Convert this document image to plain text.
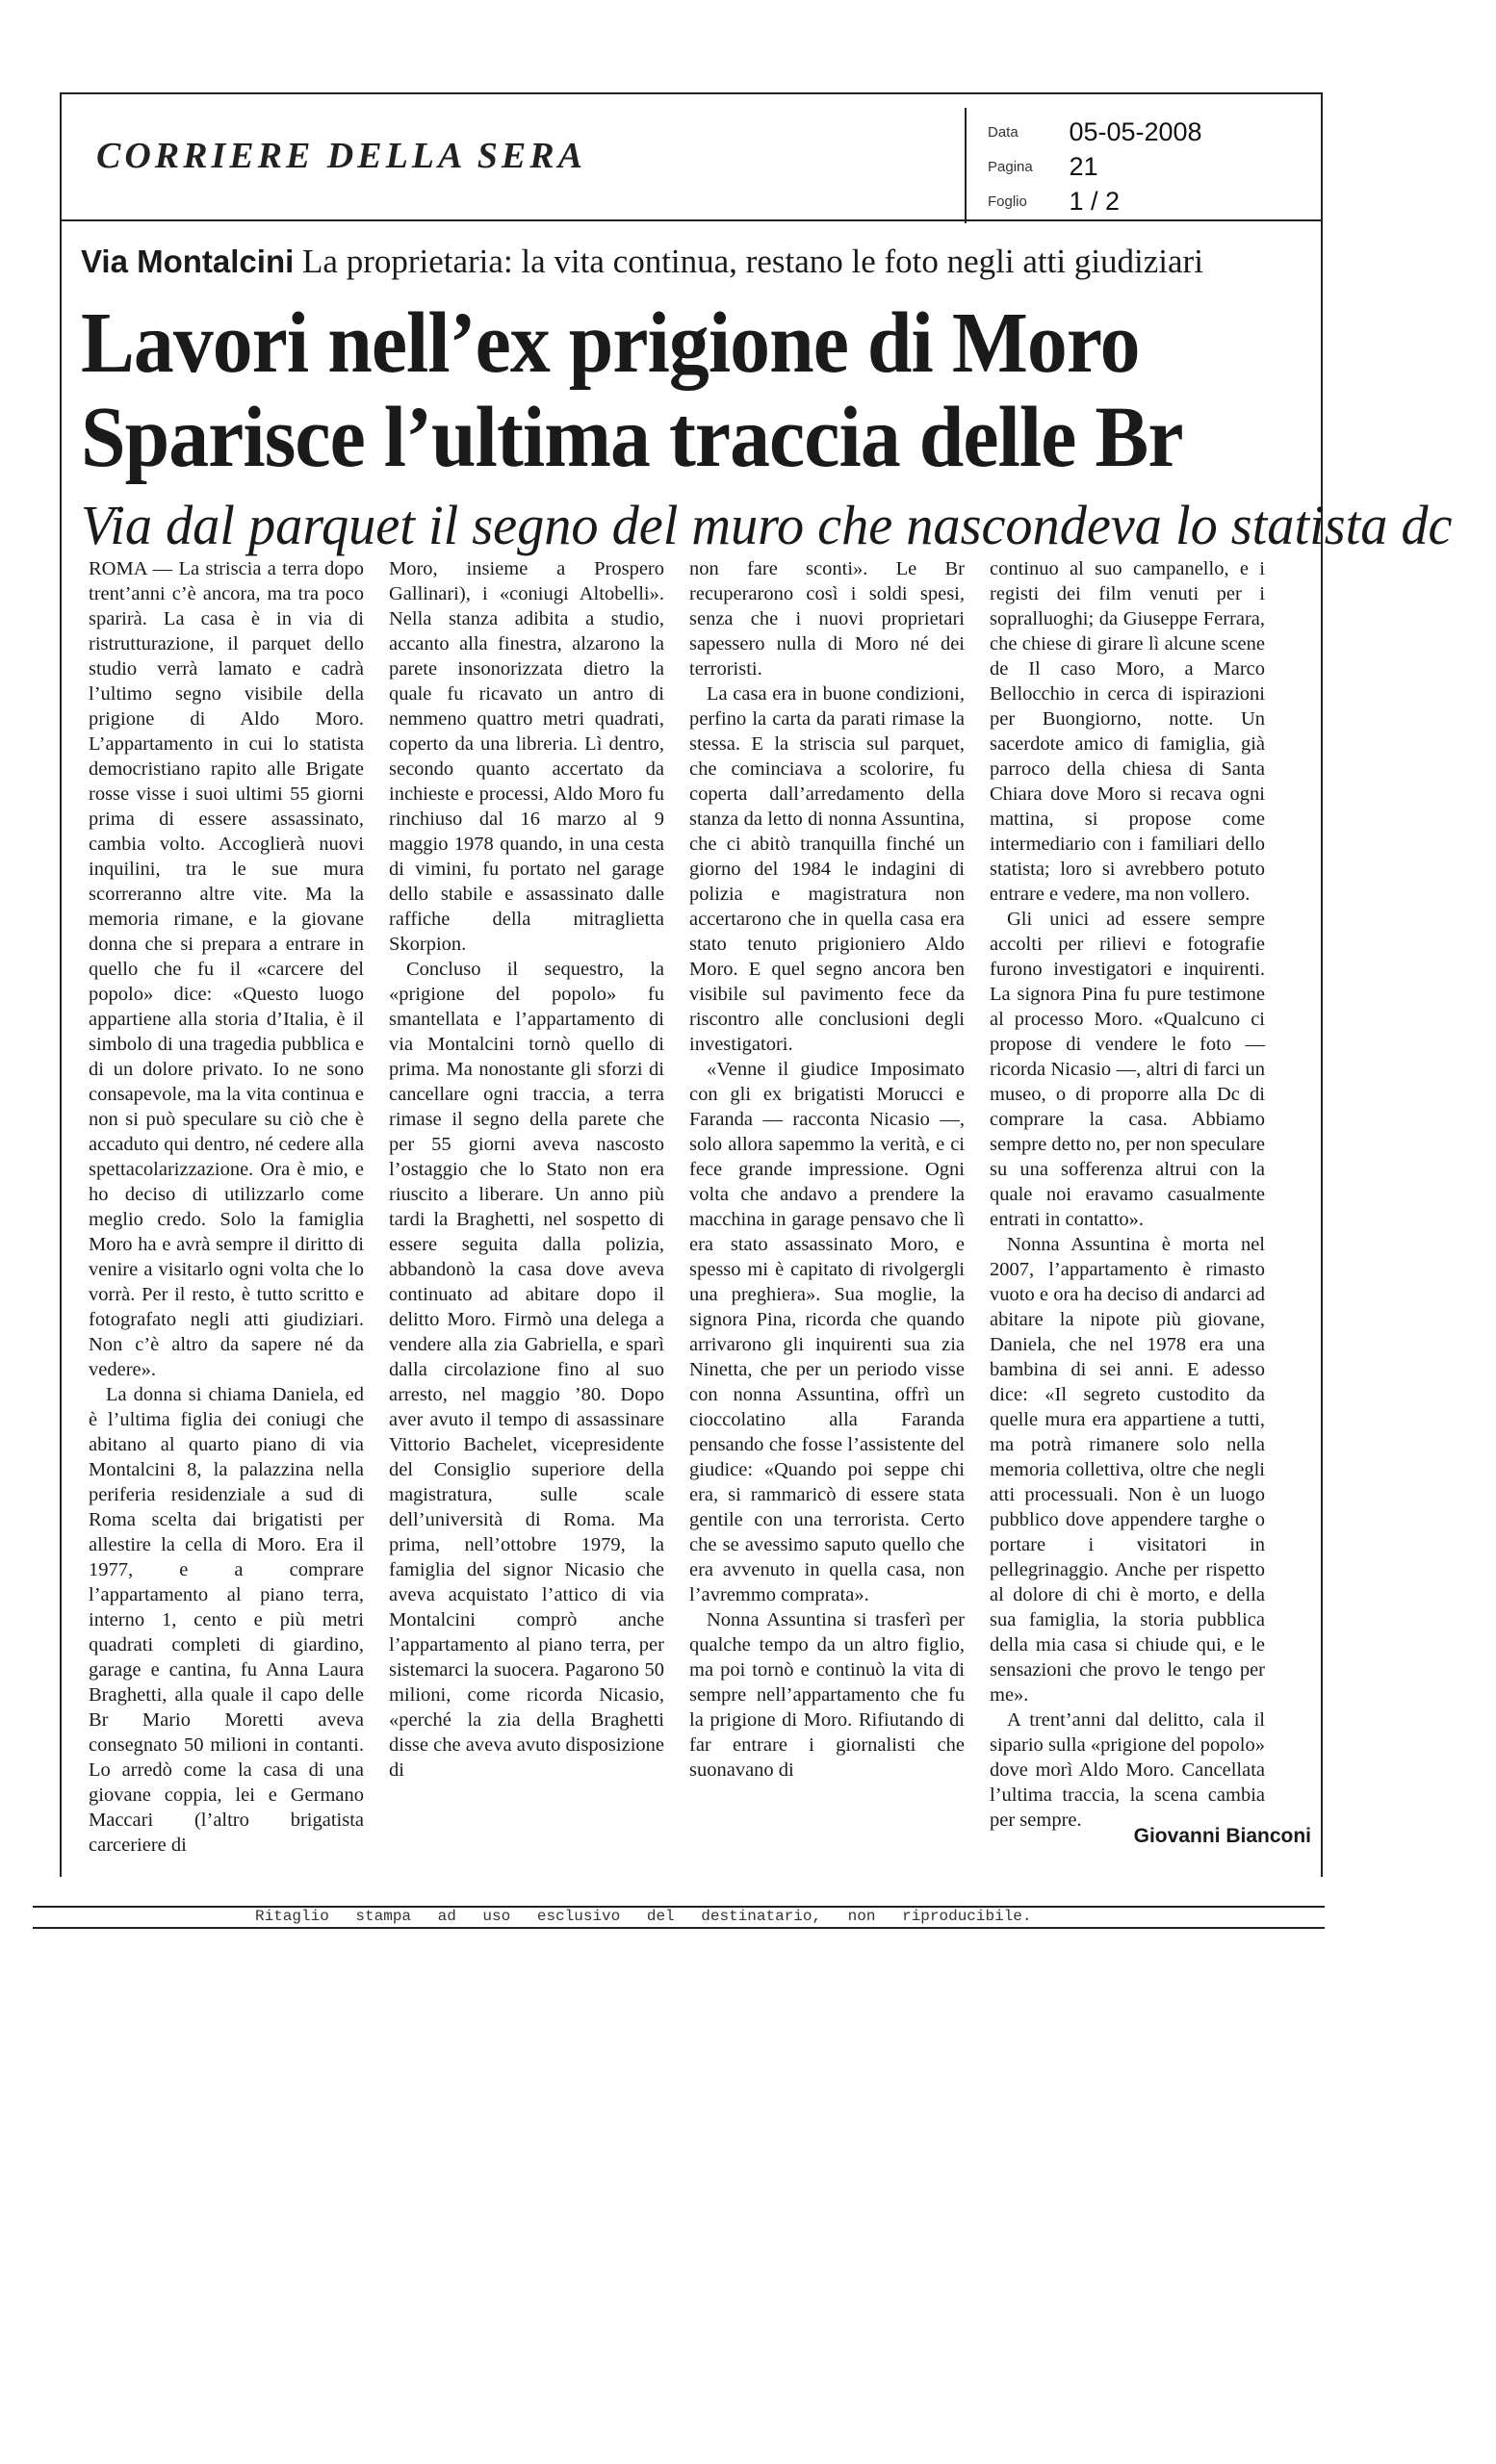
CORRIERE DELLA SERA
Data 05-05-2008
Pagina 21
Foglio 1 / 2
Via Montalcini La proprietaria: la vita continua, restano le foto negli atti giudiziari
Lavori nell’ex prigione di Moro
Sparisce l’ultima traccia delle Br
Via dal parquet il segno del muro che nascondeva lo statista dc

ROMA — La striscia a terra dopo trent’anni c’è ancora, ma tra poco sparirà. La casa è in via di ristrutturazione, il parquet dello studio verrà lamato e cadrà l’ultimo segno visibile della prigione di Aldo Moro. L’appartamento in cui lo statista democristiano rapito alle Brigate rosse visse i suoi ultimi 55 giorni prima di essere assassinato, cambia volto. Accoglierà nuovi inquilini, tra le sue mura scorreranno altre vite. Ma la memoria rimane, e la giovane donna che si prepara a entrare in quello che fu il «carcere del popolo» dice: «Questo luogo appartiene alla storia d’Italia, è il simbolo di una tragedia pubblica e di un dolore privato. Io ne sono consapevole, ma la vita continua e non si può speculare su ciò che è accaduto qui dentro, né cedere alla spettacolarizzazione. Ora è mio, e ho deciso di utilizzarlo come meglio credo. Solo la famiglia Moro ha e avrà sempre il diritto di venire a visitarlo ogni volta che lo vorrà. Per il resto, è tutto scritto e fotografato negli atti giudiziari. Non c’è altro da sapere né da vedere».

La donna si chiama Daniela, ed è l’ultima figlia dei coniugi che abitano al quarto piano di via Montalcini 8, la palazzina nella periferia residenziale a sud di Roma scelta dai brigatisti per allestire la cella di Moro. Era il 1977, e a comprare l’appartamento al piano terra, interno 1, cento e più metri quadrati completi di giardino, garage e cantina, fu Anna Laura Braghetti, alla quale il capo delle Br Mario Moretti aveva consegnato 50 milioni in contanti. Lo arredò come la casa di una giovane coppia, lei e Germano Maccari (l’altro brigatista carceriere di

Moro, insieme a Prospero Gallinari), i «coniugi Altobelli». Nella stanza adibita a studio, accanto alla finestra, alzarono la parete insonorizzata dietro la quale fu ricavato un antro di nemmeno quattro metri quadrati, coperto da una libreria. Lì dentro, secondo quanto accertato da inchieste e processi, Aldo Moro fu rinchiuso dal 16 marzo al 9 maggio 1978 quando, in una cesta di vimini, fu portato nel garage dello stabile e assassinato dalle raffiche della mitraglietta Skorpion.

Concluso il sequestro, la «prigione del popolo» fu smantellata e l’appartamento di via Montalcini tornò quello di prima. Ma nonostante gli sforzi di cancellare ogni traccia, a terra rimase il segno della parete che per 55 giorni aveva nascosto l’ostaggio che lo Stato non era riuscito a liberare. Un anno più tardi la Braghetti, nel sospetto di essere seguita dalla polizia, abbandonò la casa dove aveva continuato ad abitare dopo il delitto Moro. Firmò una delega a vendere alla zia Gabriella, e sparì dalla circolazione fino al suo arresto, nel maggio ’80. Dopo aver avuto il tempo di assassinare Vittorio Bachelet, vicepresidente del Consiglio superiore della magistratura, sulle scale dell’università di Roma. Ma prima, nell’ottobre 1979, la famiglia del signor Nicasio che aveva acquistato l’attico di via Montalcini comprò anche l’appartamento al piano terra, per sistemarci la suocera. Pagarono 50 milioni, come ricorda Nicasio, «perché la zia della Braghetti disse che aveva avuto disposizione di

non fare sconti». Le Br recuperarono così i soldi spesi, senza che i nuovi proprietari sapessero nulla di Moro né dei terroristi.

La casa era in buone condizioni, perfino la carta da parati rimase la stessa. E la striscia sul parquet, che cominciava a scolorire, fu coperta dall’arredamento della stanza da letto di nonna Assuntina, che ci abitò tranquilla finché un giorno del 1984 le indagini di polizia e magistratura non accertarono che in quella casa era stato tenuto prigioniero Aldo Moro. E quel segno ancora ben visibile sul pavimento fece da riscontro alle conclusioni degli investigatori.

«Venne il giudice Imposimato con gli ex brigatisti Morucci e Faranda — racconta Nicasio —, solo allora sapemmo la verità, e ci fece grande impressione. Ogni volta che andavo a prendere la macchina in garage pensavo che lì era stato assassinato Moro, e spesso mi è capitato di rivolgergli una preghiera». Sua moglie, la signora Pina, ricorda che quando arrivarono gli inquirenti sua zia Ninetta, che per un periodo visse con nonna Assuntina, offrì un cioccolatino alla Faranda pensando che fosse l’assistente del giudice: «Quando poi seppe chi era, si rammaricò di essere stata gentile con una terrorista. Certo che se avessimo saputo quello che era avvenuto in quella casa, non l’avremmo comprata».

Nonna Assuntina si trasferì per qualche tempo da un altro figlio, ma poi tornò e continuò la vita di sempre nell’appartamento che fu la prigione di Moro. Rifiutando di far entrare i giornalisti che suonavano di

continuo al suo campanello, e i registi dei film venuti per i sopralluoghi; da Giuseppe Ferrara, che chiese di girare lì alcune scene de Il caso Moro, a Marco Bellocchio in cerca di ispirazioni per Buongiorno, notte. Un sacerdote amico di famiglia, già parroco della chiesa di Santa Chiara dove Moro si recava ogni mattina, si propose come intermediario con i familiari dello statista; loro si avrebbero potuto entrare e vedere, ma non vollero.

Gli unici ad essere sempre accolti per rilievi e fotografie furono investigatori e inquirenti. La signora Pina fu pure testimone al processo Moro. «Qualcuno ci propose di vendere le foto — ricorda Nicasio —, altri di farci un museo, o di proporre alla Dc di comprare la casa. Abbiamo sempre detto no, per non speculare su una sofferenza altrui con la quale noi eravamo casualmente entrati in contatto».

Nonna Assuntina è morta nel 2007, l’appartamento è rimasto vuoto e ora ha deciso di andarci ad abitare la nipote più giovane, Daniela, che nel 1978 era una bambina di sei anni. E adesso dice: «Il segreto custodito da quelle mura era appartiene a tutti, ma potrà rimanere solo nella memoria collettiva, oltre che negli atti processuali. Non è un luogo pubblico dove appendere targhe o portare i visitatori in pellegrinaggio. Anche per rispetto al dolore di chi è morto, e della sua famiglia, la storia pubblica della mia casa si chiude qui, e le sensazioni che provo le tengo per me».

A trent’anni dal delitto, cala il sipario sulla «prigione del popolo» dove morì Aldo Moro. Cancellata l’ultima traccia, la scena cambia per sempre.

Giovanni Bianconi
Ritaglio stampa ad uso esclusivo del destinatario, non riproducibile.
